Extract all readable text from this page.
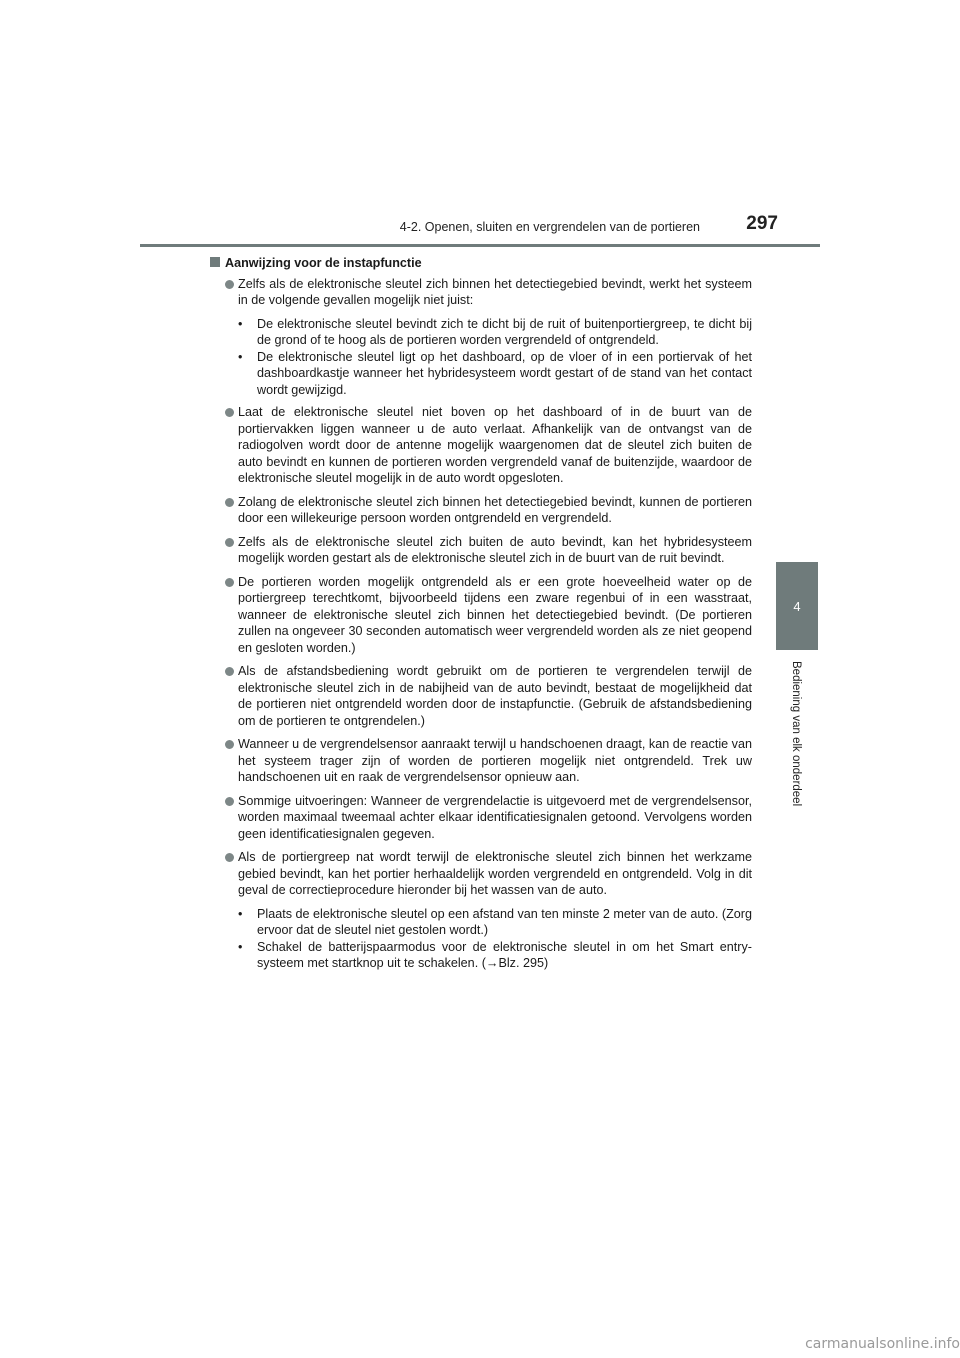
4-2. Openen, sluiten en vergrendelen van de portieren	297
4
Bediening van elk onderdeel
Aanwijzing voor de instapfunctie
Zelfs als de elektronische sleutel zich binnen het detectiegebied bevindt, werkt het systeem in de volgende gevallen mogelijk niet juist:
• De elektronische sleutel bevindt zich te dicht bij de ruit of buitenportiergreep, te dicht bij de grond of te hoog als de portieren worden vergrendeld of ontgrendeld.
• De elektronische sleutel ligt op het dashboard, op de vloer of in een portiervak of het dashboardkastje wanneer het hybridesysteem wordt gestart of de stand van het contact wordt gewijzigd.
Laat de elektronische sleutel niet boven op het dashboard of in de buurt van de portiervakken liggen wanneer u de auto verlaat. Afhankelijk van de ontvangst van de radiogolven wordt door de antenne mogelijk waargenomen dat de sleutel zich buiten de auto bevindt en kunnen de portieren worden vergrendeld vanaf de buitenzijde, waardoor de elektronische sleutel mogelijk in de auto wordt opgesloten.
Zolang de elektronische sleutel zich binnen het detectiegebied bevindt, kunnen de portieren door een willekeurige persoon worden ontgrendeld en vergrendeld.
Zelfs als de elektronische sleutel zich buiten de auto bevindt, kan het hybridesysteem mogelijk worden gestart als de elektronische sleutel zich in de buurt van de ruit bevindt.
De portieren worden mogelijk ontgrendeld als er een grote hoeveelheid water op de portiergreep terechtkomt, bijvoorbeeld tijdens een zware regenbui of in een wasstraat, wanneer de elektronische sleutel zich binnen het detectiegebied bevindt. (De portieren zullen na ongeveer 30 seconden automatisch weer vergrendeld worden als ze niet geopend en gesloten worden.)
Als de afstandsbediening wordt gebruikt om de portieren te vergrendelen terwijl de elektronische sleutel zich in de nabijheid van de auto bevindt, bestaat de mogelijkheid dat de portieren niet ontgrendeld worden door de instapfunctie. (Gebruik de afstandsbediening om de portieren te ontgrendelen.)
Wanneer u de vergrendelsensor aanraakt terwijl u handschoenen draagt, kan de reactie van het systeem trager zijn of worden de portieren mogelijk niet ontgrendeld. Trek uw handschoenen uit en raak de vergrendelsensor opnieuw aan.
Sommige uitvoeringen: Wanneer de vergrendelactie is uitgevoerd met de vergrendelsensor, worden maximaal tweemaal achter elkaar identificatiesignalen getoond. Vervolgens worden geen identificatiesignalen gegeven.
Als de portiergreep nat wordt terwijl de elektronische sleutel zich binnen het werkzame gebied bevindt, kan het portier herhaaldelijk worden vergrendeld en ontgrendeld. Volg in dit geval de correctieprocedure hieronder bij het wassen van de auto.
• Plaats de elektronische sleutel op een afstand van ten minste 2 meter van de auto. (Zorg ervoor dat de sleutel niet gestolen wordt.)
• Schakel de batterijspaarmodus voor de elektronische sleutel in om het Smart entry-systeem met startknop uit te schakelen. (→Blz. 295)
carmanualsonline.info
